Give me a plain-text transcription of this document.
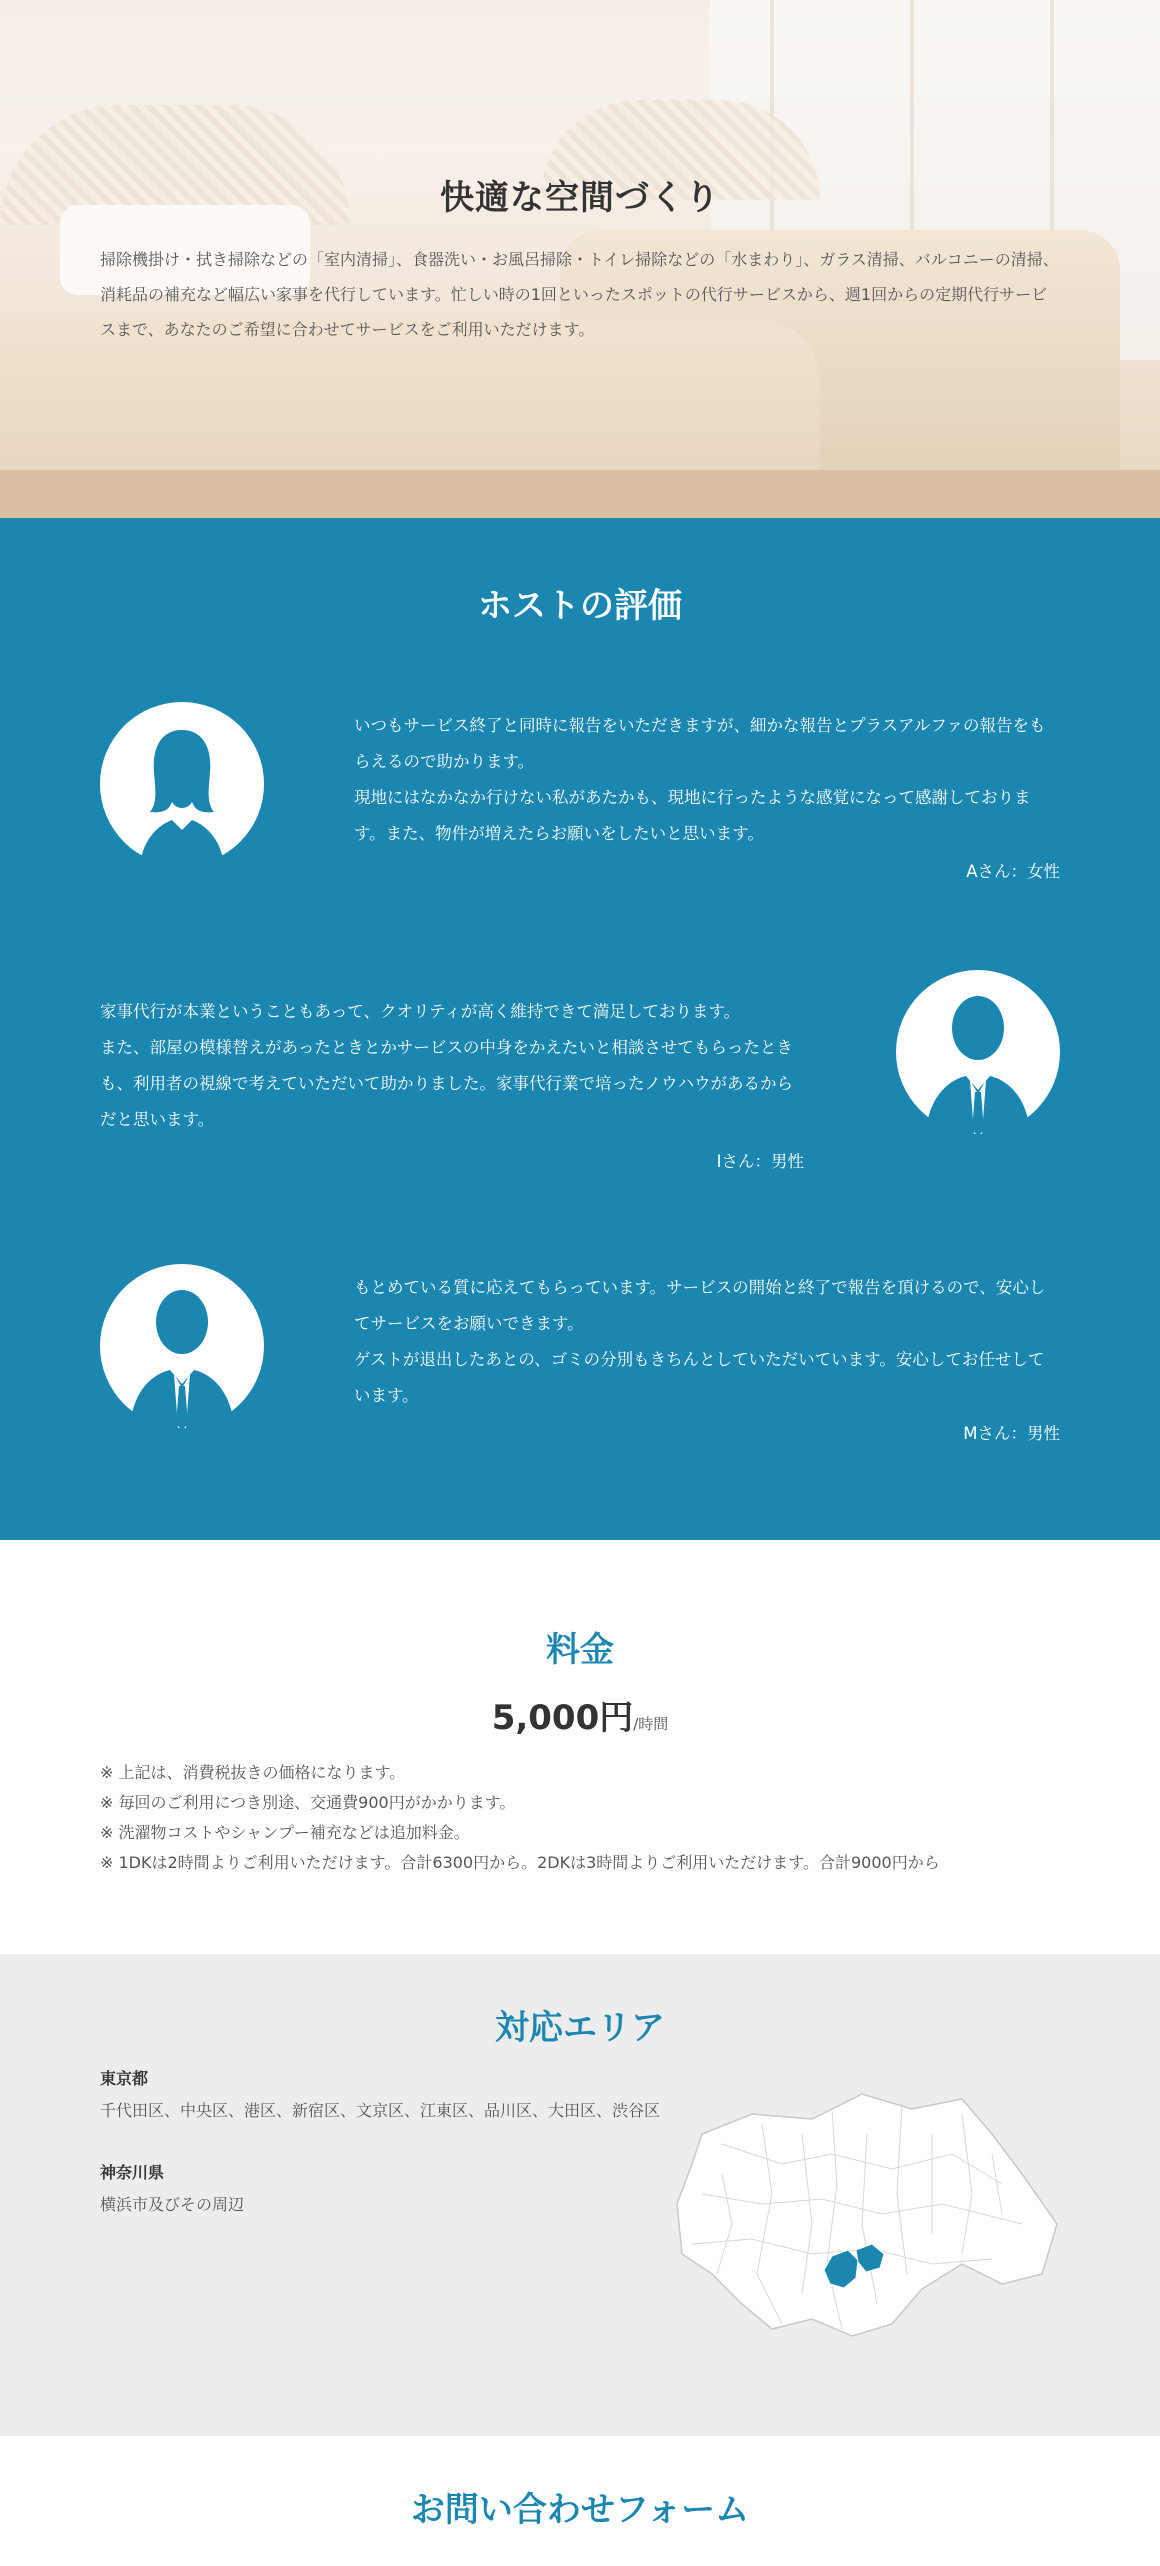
快適な空間づくり

掃除機掛け・拭き掃除などの「室内清掃」、食器洗い・お風呂掃除・トイレ掃除などの「水まわり」、ガラス清掃、バルコニーの清掃、消耗品の補充など幅広い家事を代行しています。忙しい時の1回といったスポットの代行サービスから、週1回からの定期代行サービスまで、あなたのご希望に合わせてサービスをご利用いただけます。

ホストの評価

いつもサービス終了と同時に報告をいただきますが、細かな報告とプラスアルファの報告をもらえるので助かります。
現地にはなかなか行けない私があたかも、現地に行ったような感覚になって感謝しております。また、物件が増えたらお願いをしたいと思います。

Aさん：女性

家事代行が本業ということもあって、クオリティが高く維持できて満足しております。
また、部屋の模様替えがあったときとかサービスの中身をかえたいと相談させてもらったときも、利用者の視線で考えていただいて助かりました。家事代行業で培ったノウハウがあるからだと思います。

Iさん：男性

もとめている質に応えてもらっています。サービスの開始と終了で報告を頂けるので、安心してサービスをお願いできます。
ゲストが退出したあとの、ゴミの分別もきちんとしていただいています。安心してお任せしています。

Mさん：男性

料金
5,000円/時間
※ 上記は、消費税抜きの価格になります。
※ 毎回のご利用につき別途、交通費900円がかかります。
※ 洗濯物コストやシャンプー補充などは追加料金。
※ 1DKは2時間よりご利用いただけます。合計6300円から。2DKは3時間よりご利用いただけます。合計9000円から
対応エリア

東京都

千代田区、中央区、港区、新宿区、文京区、江東区、品川区、大田区、渋谷区

神奈川県

横浜市及びその周辺

お問い合わせフォーム
